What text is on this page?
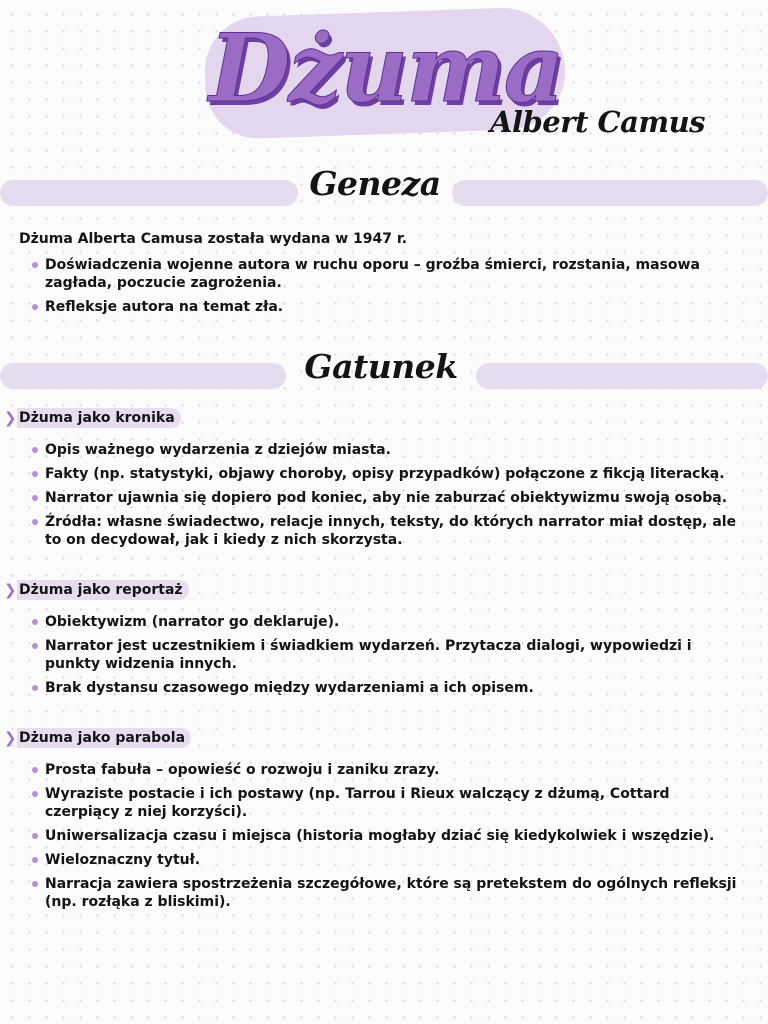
Dżuma

Albert Camus

Geneza

Dżuma Alberta Camusa została wydana w 1947 r.

Doświadczenia wojenne autora w ruchu oporu – groźba śmierci, rozstania, masowa zagłada, poczucie zagrożenia.
Refleksje autora na temat zła.
Gatunek
❯ Dżuma jako kronika
Opis ważnego wydarzenia z dziejów miasta.
Fakty (np. statystyki, objawy choroby, opisy przypadków) połączone z fikcją literacką.
Narrator ujawnia się dopiero pod koniec, aby nie zaburzać obiektywizmu swoją osobą.
Źródła: własne świadectwo, relacje innych, teksty, do których narrator miał dostęp, ale to on decydował, jak i kiedy z nich skorzysta.
❯ Dżuma jako reportaż
Obiektywizm (narrator go deklaruje).
Narrator jest uczestnikiem i świadkiem wydarzeń. Przytacza dialogi, wypowiedzi i punkty widzenia innych.
Brak dystansu czasowego między wydarzeniami a ich opisem.
❯ Dżuma jako parabola
Prosta fabuła – opowieść o rozwoju i zaniku zrazy.
Wyraziste postacie i ich postawy (np. Tarrou i Rieux walczący z dżumą, Cottard czerpiący z niej korzyści).
Uniwersalizacja czasu i miejsca (historia mogłaby dziać się kiedykolwiek i wszędzie).
Wieloznaczny tytuł.
Narracja zawiera spostrzeżenia szczegółowe, które są pretekstem do ogólnych refleksji (np. rozłąka z bliskimi).
